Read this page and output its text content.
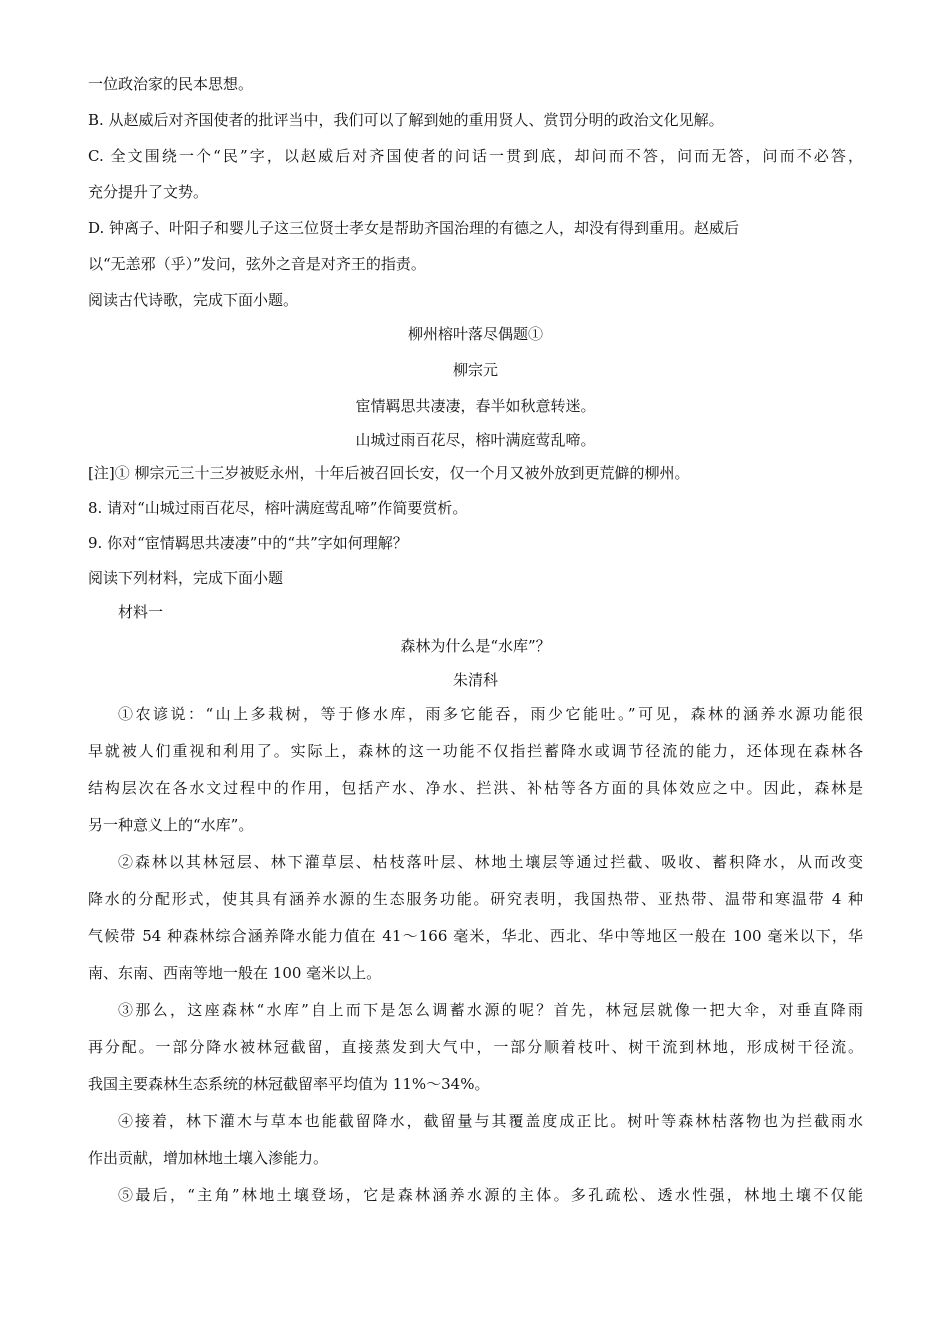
一位政治家的民本思想。
B. 从赵威后对齐国使者的批评当中，我们可以了解到她的重用贤人、赏罚分明的政治文化见解。
C. 全文围绕一个“民”字，以赵威后对齐国使者的问话一贯到底，却问而不答，问而无答，问而不必答，
充分提升了文势。
D. 钟离子、叶阳子和婴儿子这三位贤士孝女是帮助齐国治理的有德之人，却没有得到重用。赵威后
以“无恙邪（乎）”发问，弦外之音是对齐王的指责。
阅读古代诗歌，完成下面小题。
柳州榕叶落尽偶题①
柳宗元
宦情羁思共凄凄，春半如秋意转迷。
山城过雨百花尽，榕叶满庭莺乱啼。
[注]① 柳宗元三十三岁被贬永州，十年后被召回长安，仅一个月又被外放到更荒僻的柳州。
8. 请对“山城过雨百花尽，榕叶满庭莺乱啼”作简要赏析。
9. 你对“宦情羁思共凄凄”中的“共”字如何理解？
阅读下列材料，完成下面小题
材料一
森林为什么是“水库”？
朱清科
①农谚说：“山上多栽树，等于修水库，雨多它能吞，雨少它能吐。”可见，森林的涵养水源功能很
早就被人们重视和利用了。实际上，森林的这一功能不仅指拦蓄降水或调节径流的能力，还体现在森林各
结构层次在各水文过程中的作用，包括产水、净水、拦洪、补枯等各方面的具体效应之中。因此，森林是
另一种意义上的“水库”。
②森林以其林冠层、林下灌草层、枯枝落叶层、林地土壤层等通过拦截、吸收、蓄积降水，从而改变
降水的分配形式，使其具有涵养水源的生态服务功能。研究表明，我国热带、亚热带、温带和寒温带 4 种
气候带 54 种森林综合涵养降水能力值在 41～166 毫米，华北、西北、华中等地区一般在 100 毫米以下，华
南、东南、西南等地一般在 100 毫米以上。
③那么，这座森林“水库”自上而下是怎么调蓄水源的呢？首先，林冠层就像一把大伞，对垂直降雨
再分配。一部分降水被林冠截留，直接蒸发到大气中，一部分顺着枝叶、树干流到林地，形成树干径流。
我国主要森林生态系统的林冠截留率平均值为 11%～34%。
④接着，林下灌木与草本也能截留降水，截留量与其覆盖度成正比。树叶等森林枯落物也为拦截雨水
作出贡献，增加林地土壤入渗能力。
⑤最后，“主角”林地土壤登场，它是森林涵养水源的主体。多孔疏松、透水性强，林地土壤不仅能
